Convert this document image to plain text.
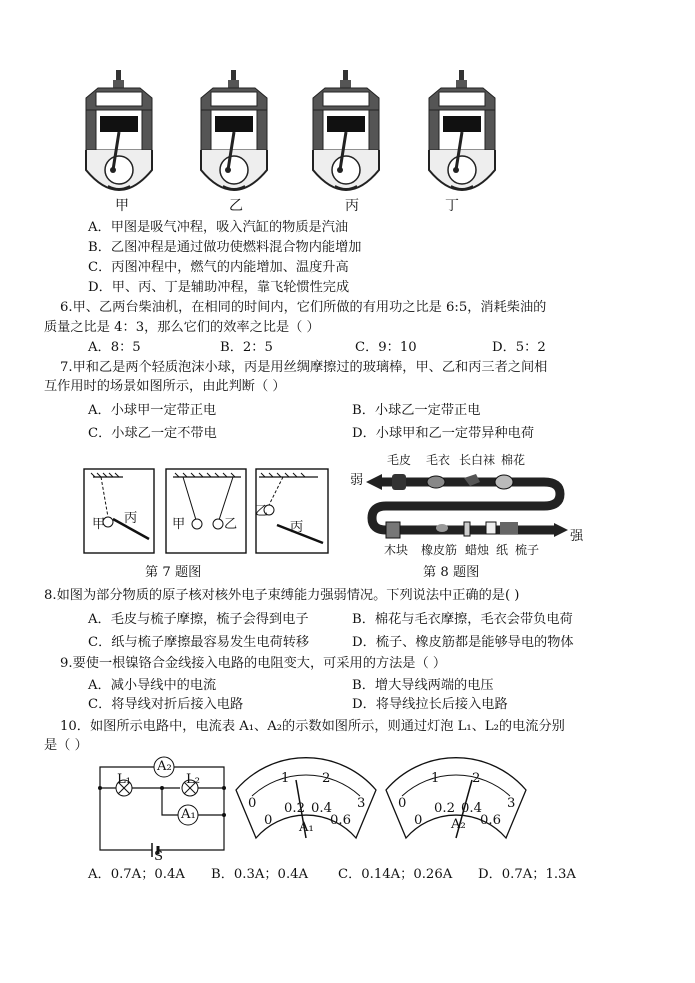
甲	乙	丙	丁
A．甲图是吸气冲程，吸入汽缸的物质是汽油
B．乙图冲程是通过做功使燃料混合物内能增加
C．丙图冲程中，燃气的内能增加、温度升高
D．甲、丙、丁是辅助冲程，靠飞轮惯性完成
6.甲、乙两台柴油机，在相同的时间内，它们所做的有用功之比是 6:5，消耗柴油的
质量之比是 4：3，那么它们的效率之比是（ ）
A．8：5	B．2：5	C．9：10	D．5：2
7.甲和乙是两个轻质泡沫小球，丙是用丝绸摩擦过的玻璃棒，甲、乙和丙三者之间相
互作用时的场景如图所示，由此判断（ ）
A．小球甲一定带正电	B．小球乙一定带正电
C．小球乙一定不带电	D．小球甲和乙一定带异种电荷
甲 丙	甲	乙
乙
丙
第 7 题图
毛皮 毛衣 长白袜 棉花
弱
强
木块 橡皮筋 蜡烛 纸 梳子
第 8 题图
8.如图为部分物质的原子核对核外电子束缚能力强弱情况。下列说法中正确的是( )
A．毛皮与梳子摩擦，梳子会得到电子	B．棉花与毛衣摩擦，毛衣会带负电荷
C．纸与梳子摩擦最容易发生电荷转移	D．梳子、橡皮筋都是能够导电的物体
9.要使一根镍铬合金线接入电路的电阻变大，可采用的方法是（ ）
A．减小导线中的电流	B．增大导线两端的电压
C．将导线对折后接入电路	D．将导线拉长后接入电路
10．如图所示电路中，电流表 A₁、A₂的示数如图所示，则通过灯泡 L₁、L₂的电流分别
是（ ）
A₂
L₁	L₂
A₁
S
0
1 2
3
0
0.2 0.4
0.6
A₁
0
1 2
3
0
0.2 0.4
0.6
A₂
A．0.7A；0.4A B．0.3A；0.4A C．0.14A；0.26A D．0.7A；1.3A
